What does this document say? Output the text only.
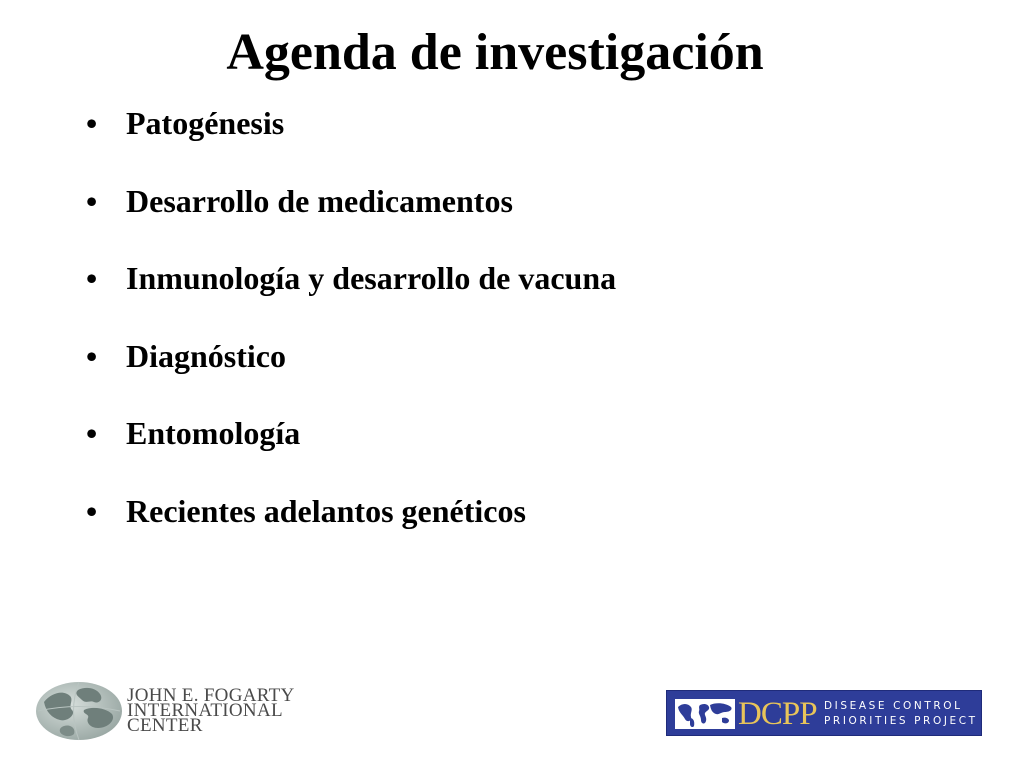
Agenda de investigación
• Patogénesis
• Desarrollo de medicamentos
• Inmunología y desarrollo de vacuna
• Diagnóstico
• Entomología
• Recientes adelantos genéticos
JOHN E. FOGARTY
INTERNATIONAL
CENTER	DCPP DISEASE CONTROL
PRIORITIES PROJECT
